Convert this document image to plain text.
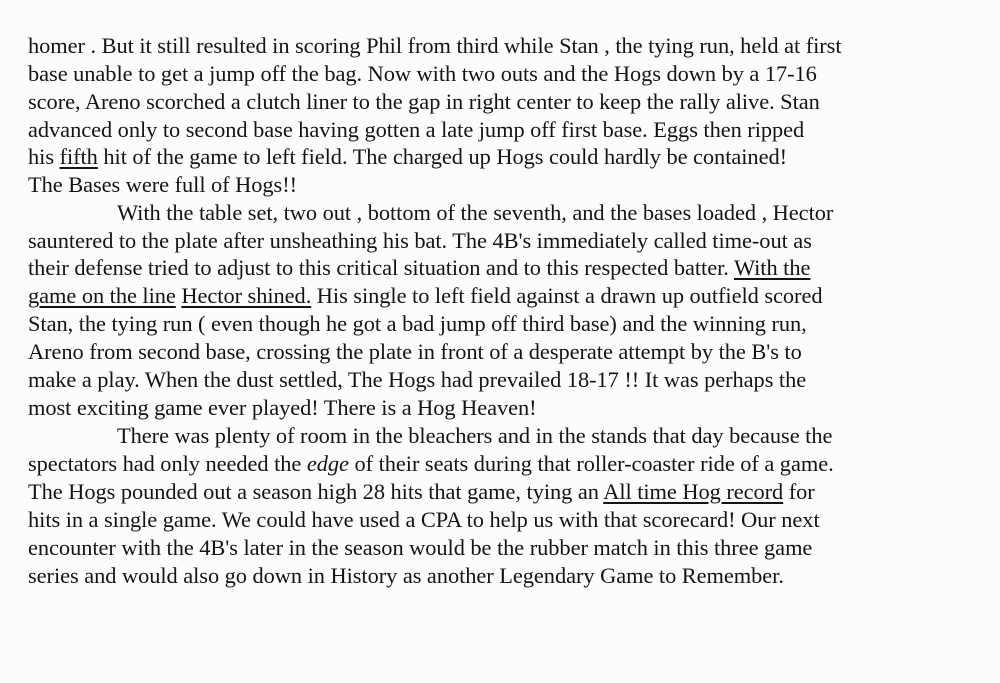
homer . But it still resulted in scoring Phil from third while Stan , the tying run, held at first
base unable to get a jump off the bag. Now with two outs and the Hogs down by a 17-16
score, Areno scorched a clutch liner to the gap in right center to keep the rally alive. Stan
advanced only to second base having gotten a late jump off first base. Eggs then ripped
his fifth hit of the game to left field. The charged up Hogs could hardly be contained!
The Bases were full of Hogs!!
With the table set, two out , bottom of the seventh, and the bases loaded , Hector
sauntered to the plate after unsheathing his bat. The 4B's immediately called time-out as
their defense tried to adjust to this critical situation and to this respected batter. With the
game on the line Hector shined. His single to left field against a drawn up outfield scored
Stan, the tying run ( even though he got a bad jump off third base) and the winning run,
Areno from second base, crossing the plate in front of a desperate attempt by the B's to
make a play. When the dust settled, The Hogs had prevailed 18-17 !! It was perhaps the
most exciting game ever played! There is a Hog Heaven!
There was plenty of room in the bleachers and in the stands that day because the
spectators had only needed the edge of their seats during that roller-coaster ride of a game.
The Hogs pounded out a season high 28 hits that game, tying an All time Hog record for
hits in a single game. We could have used a CPA to help us with that scorecard! Our next
encounter with the 4B's later in the season would be the rubber match in this three game
series and would also go down in History as another Legendary Game to Remember.
